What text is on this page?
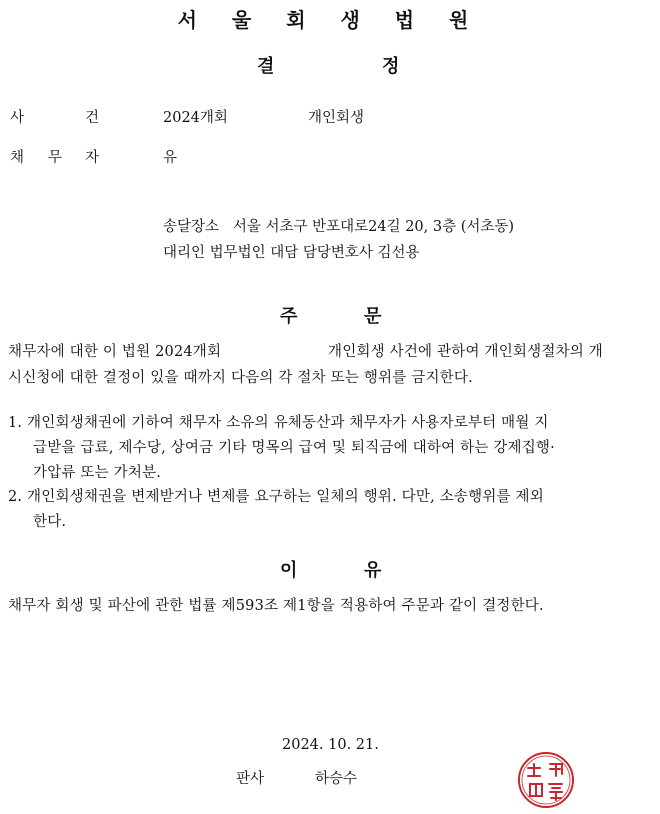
서 울 회 생 법 원
결	정
사	건	2024개회	개인회생
채 무 자	유
송달장소   서울 서초구 반포대로24길 20, 3층 (서초동)
대리인 법무법인 대담 담당변호사 김선용
주	문
채무자에 대한 이 법원 2024개회	개인회생 사건에 관하여 개인회생절차의 개
시신청에 대한 결정이 있을 때까지 다음의 각 절차 또는 행위를 금지한다.
1. 개인회생채권에 기하여 채무자 소유의 유체동산과 채무자가 사용자로부터 매월 지
급받을 급료, 제수당, 상여금 기타 명목의 급여 및 퇴직금에 대하여 하는 강제집행·
가압류 또는 가처분.
2. 개인회생채권을 변제받거나 변제를 요구하는 일체의 행위. 다만, 소송행위를 제외
한다.
이	유
채무자 회생 및 파산에 관한 법률 제593조 제1항을 적용하여 주문과 같이 결정한다.
2024. 10. 21.
판사	하승수
